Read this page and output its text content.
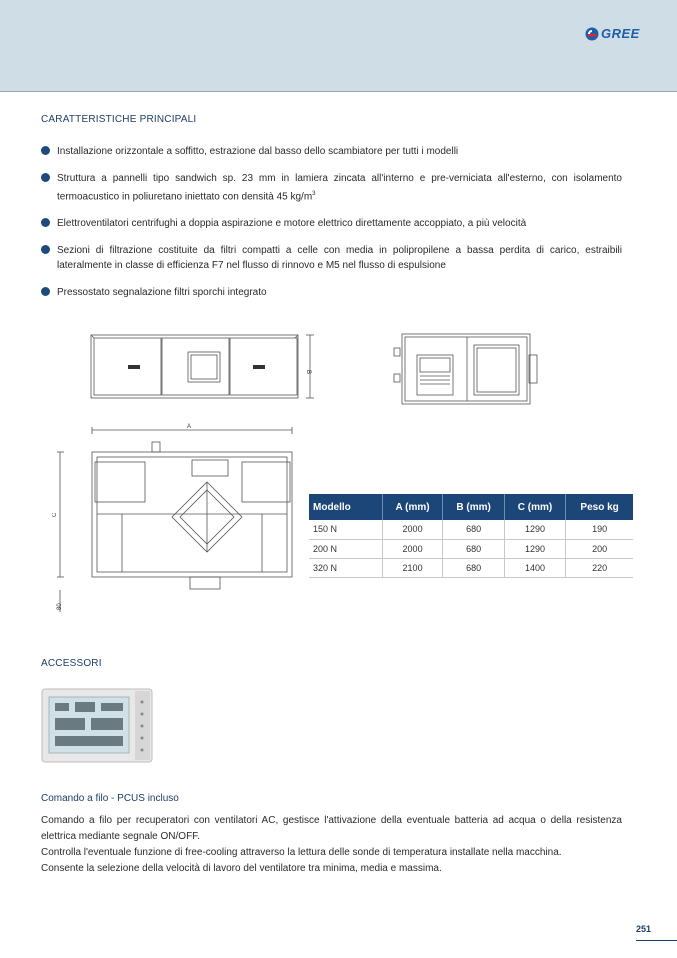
GREE
CARATTERISTICHE PRINCIPALI
Installazione orizzontale a soffitto, estrazione dal basso dello scambiatore per tutti i modelli
Struttura a pannelli tipo sandwich sp. 23 mm in lamiera zincata all'interno e pre-verniciata all'esterno, con isolamento termoacustico in poliuretano iniettato con densità 45 $kg/m^3$
Elettroventilatori centrifughi a doppia aspirazione e motore elettrico direttamente accoppiato, a più velocità
Sezioni di filtrazione costituite da filtri compatti a celle con media in polipropilene a bassa perdita di carico, estraibili lateralmente in classe di efficienza F7 nel flusso di rinnovo e M5 nel flusso di espulsione
Pressostato segnalazione filtri sporchi integrato
B
A
C
80
Modello	A (mm)	B (mm)	C (mm)	Peso kg
150 N	2000	680	1290	190
200 N	2000	680	1290	200
320 N	2100	680	1400	220
ACCESSORI
Comando a filo - PCUS incluso

Comando a filo per recuperatori con ventilatori AC, gestisce l'attivazione della eventuale batteria ad acqua o della resistenza elettrica mediante segnale ON/OFF.

Controlla l'eventuale funzione di free-cooling attraverso la lettura delle sonde di temperatura installate nella macchina.

Consente la selezione della velocità di lavoro del ventilatore tra minima, media e massima.

251
